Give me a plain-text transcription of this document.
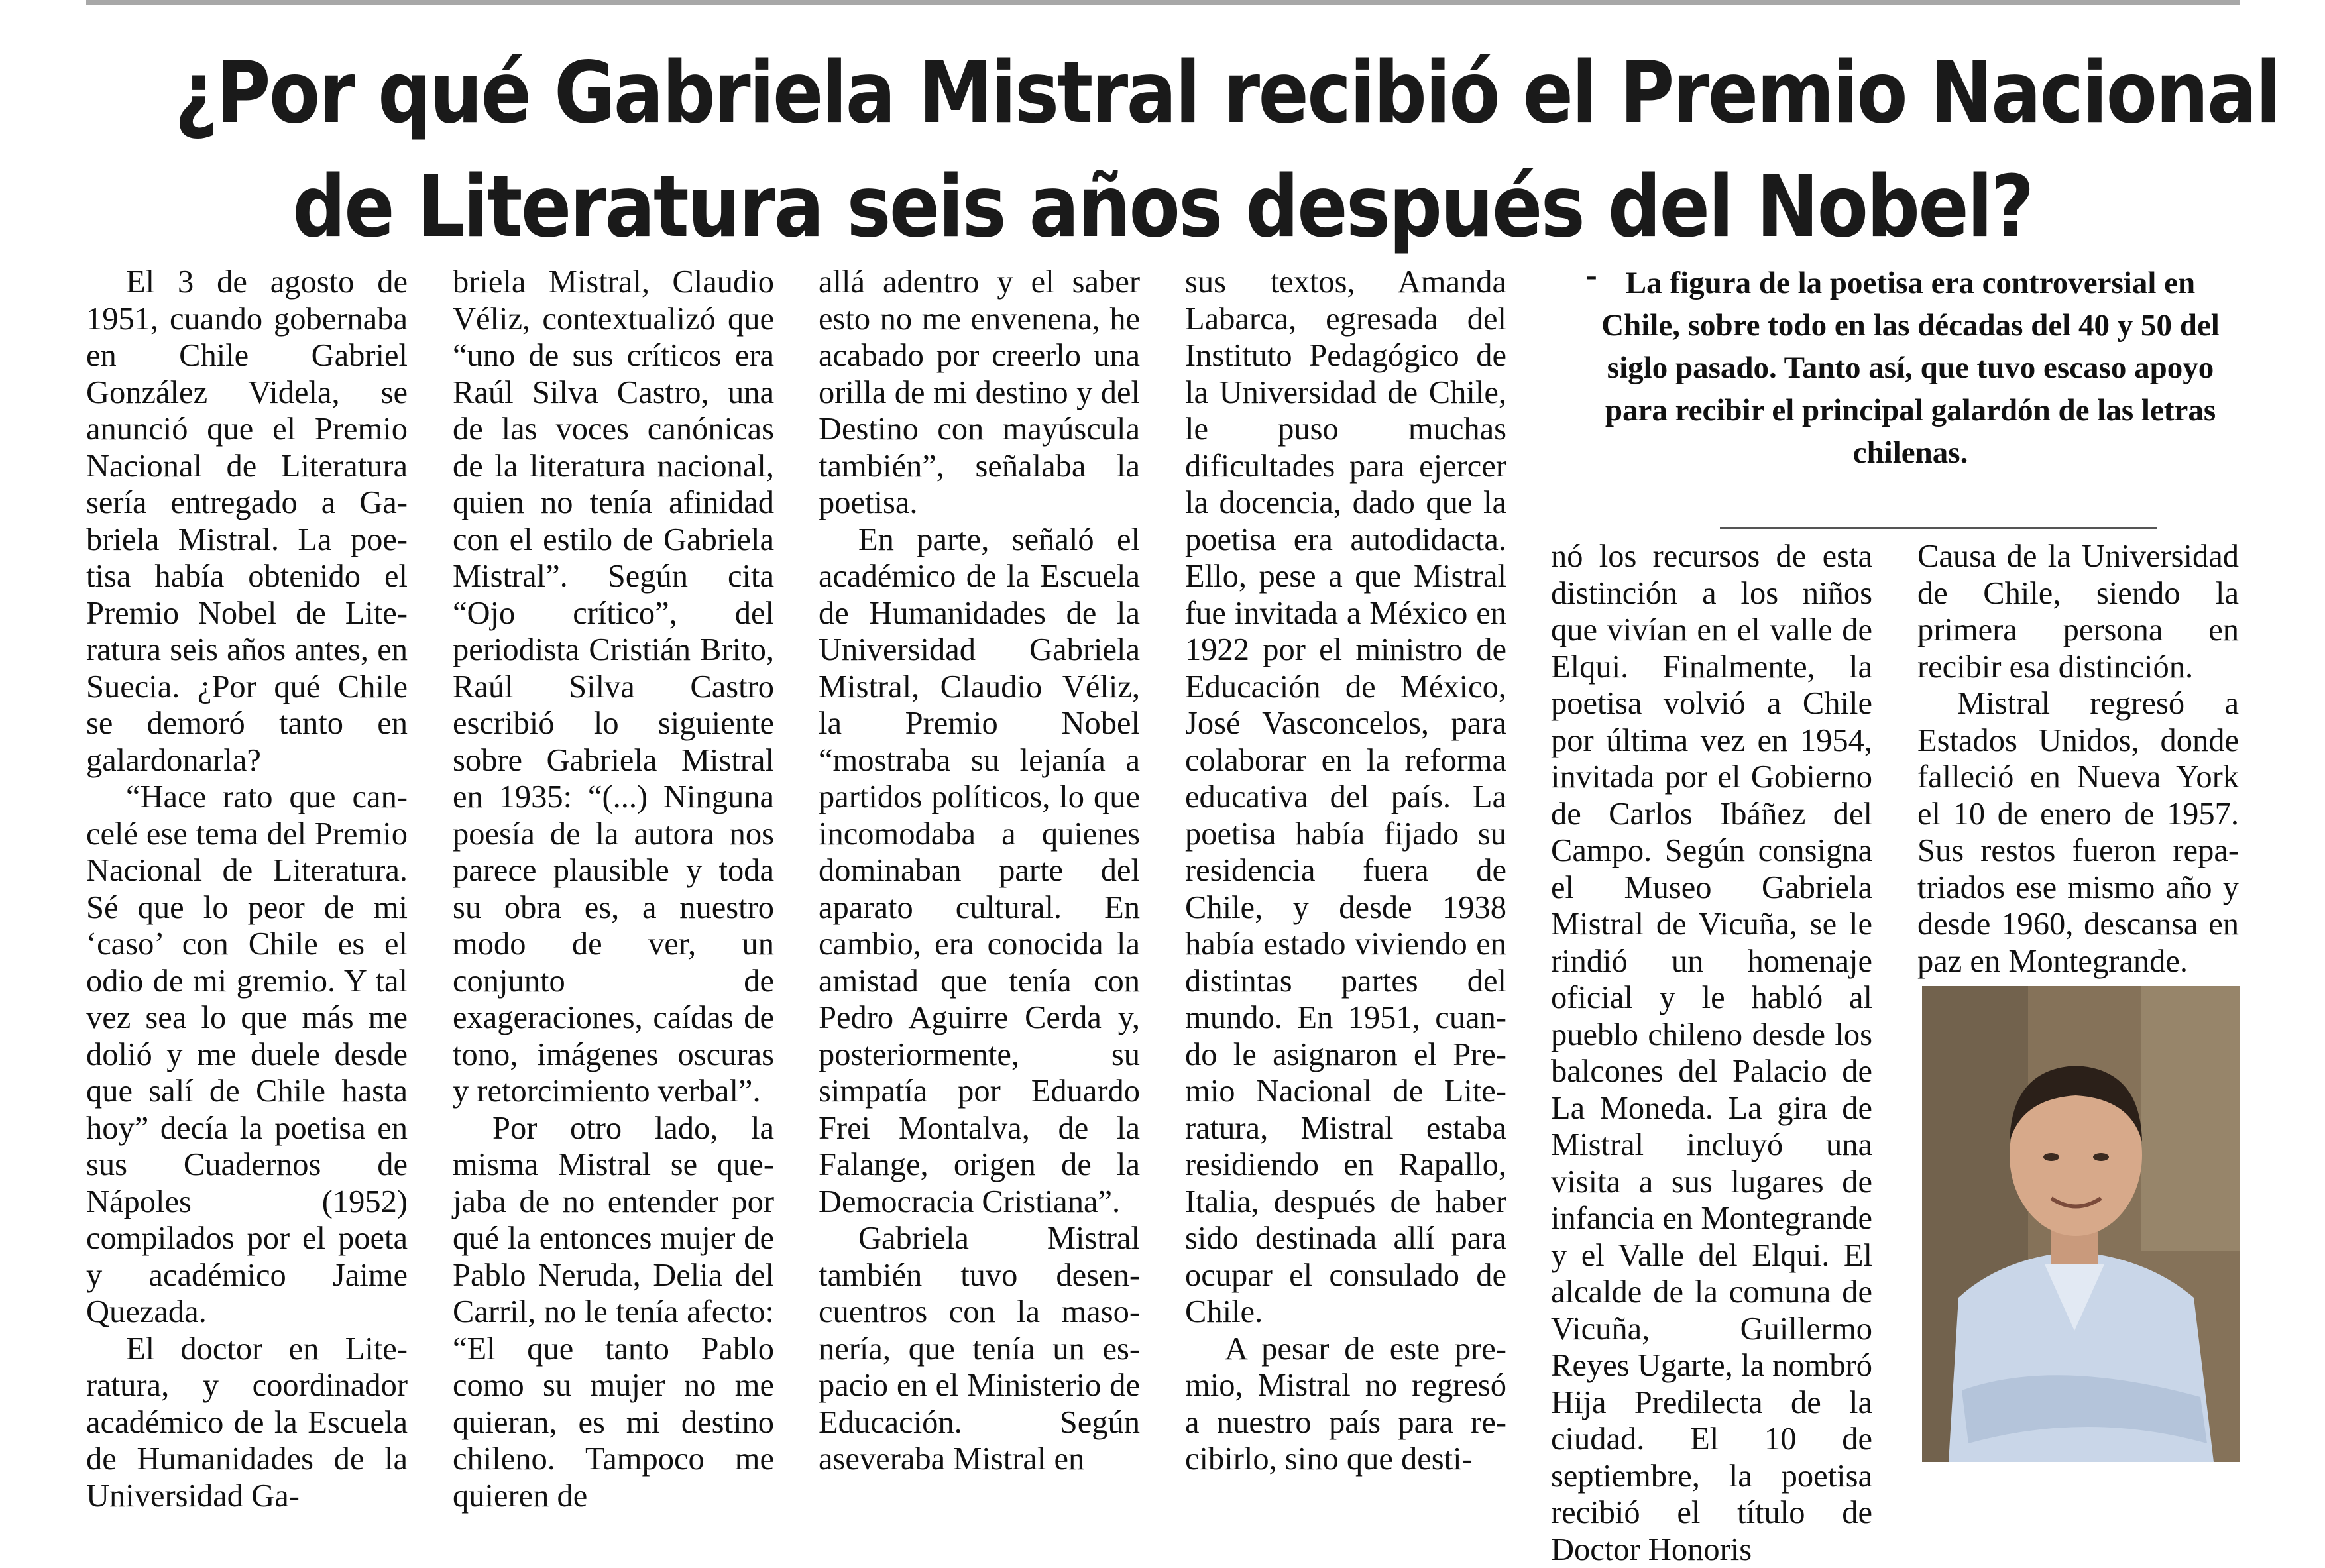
¿Por qué Gabriela Mistral recibió el Premio Nacional
de Literatura seis años después del Nobel?

El 3 de agosto de 1951, cuando gobernaba en Chile Gabriel González Videla, se anunció que el Premio Nacional de Literatura sería entregado a Gabriela Mistral. La poetisa había obtenido el Premio Nobel de Literatura seis años antes, en Suecia. ¿Por qué Chile se demoró tanto en galardonarla?

“Hace rato que cancelé ese tema del Premio Nacional de Literatura. Sé que lo peor de mi ‘caso’ con Chile es el odio de mi gremio. Y tal vez sea lo que más me dolió y me duele desde que salí de Chile hasta hoy” decía la poetisa en sus Cuadernos de Nápoles (1952) compilados por el poeta y académico Jaime Quezada.

El doctor en Literatura, y coordinador académico de la Escuela de Humanidades de la Universidad Ga-

briela Mistral, Claudio Véliz, contextualizó que “uno de sus críticos era Raúl Silva Castro, una de las voces canónicas de la literatura nacional, quien no tenía afinidad con el estilo de Gabriela Mistral”. Según cita “Ojo crítico”, del periodista Cristián Brito, Raúl Silva Castro escribió lo siguiente sobre Gabriela Mistral en 1935: “(...) Ninguna poesía de la autora nos parece plausible y toda su obra es, a nuestro modo de ver, un conjunto de exageraciones, caídas de tono, imágenes oscuras y retorcimiento verbal”.

Por otro lado, la misma Mistral se quejaba de no entender por qué la entonces mujer de Pablo Neruda, Delia del Carril, no le tenía afecto: “El que tanto Pablo como su mujer no me quieran, es mi destino chileno. Tampoco me quieren de

allá adentro y el saber esto no me envenena, he acabado por creerlo una orilla de mi destino y del Destino con mayúscula también”, señalaba la poetisa.

En parte, señaló el académico de la Escuela de Humanidades de la Universidad Gabriela Mistral, Claudio Véliz, la Premio Nobel “mostraba su lejanía a partidos políticos, lo que incomodaba a quienes dominaban parte del aparato cultural. En cambio, era conocida la amistad que tenía con Pedro Aguirre Cerda y, posteriormente, su simpatía por Eduardo Frei Montalva, de la Falange, origen de la Democracia Cristiana”.

Gabriela Mistral también tuvo desencuentros con la masonería, que tenía un espacio en el Ministerio de Educación. Según aseveraba Mistral en

sus textos, Amanda Labarca, egresada del Instituto Pedagógico de la Universidad de Chile, le puso muchas dificultades para ejercer la docencia, dado que la poetisa era autodidacta. Ello, pese a que Mistral fue invitada a México en 1922 por el ministro de Educación de México, José Vasconcelos, para colaborar en la reforma educativa del país. La poetisa había fijado su residencia fuera de Chile, y desde 1938 había estado viviendo en distintas partes del mundo. En 1951, cuando le asignaron el Premio Nacional de Literatura, Mistral estaba residiendo en Rapallo, Italia, después de haber sido destinada allí para ocupar el consulado de Chile.

A pesar de este premio, Mistral no regresó a nuestro país para recibirlo, sino que desti-

- La figura de la poetisa era controversial en Chile, sobre todo en las décadas del 40 y 50 del siglo pasado. Tanto así, que tuvo escaso apoyo para recibir el principal galardón de las letras chilenas.

nó los recursos de esta distinción a los niños que vivían en el valle de Elqui. Finalmente, la poetisa volvió a Chile por última vez en 1954, invitada por el Gobierno de Carlos Ibáñez del Campo. Según consigna el Museo Gabriela Mistral de Vicuña, se le rindió un homenaje oficial y le habló al pueblo chileno desde los balcones del Palacio de La Moneda. La gira de Mistral incluyó una visita a sus lugares de infancia en Montegrande y el Valle del Elqui. El alcalde de la comuna de Vicuña, Guillermo Reyes Ugarte, la nombró Hija Predilecta de la ciudad. El 10 de septiembre, la poetisa recibió el título de Doctor Honoris

Causa de la Universidad de Chile, siendo la primera persona en recibir esa distinción.

Mistral regresó a Estados Unidos, donde falleció en Nueva York el 10 de enero de 1957. Sus restos fueron repatriados ese mismo año y desde 1960, descansa en paz en Montegrande.
